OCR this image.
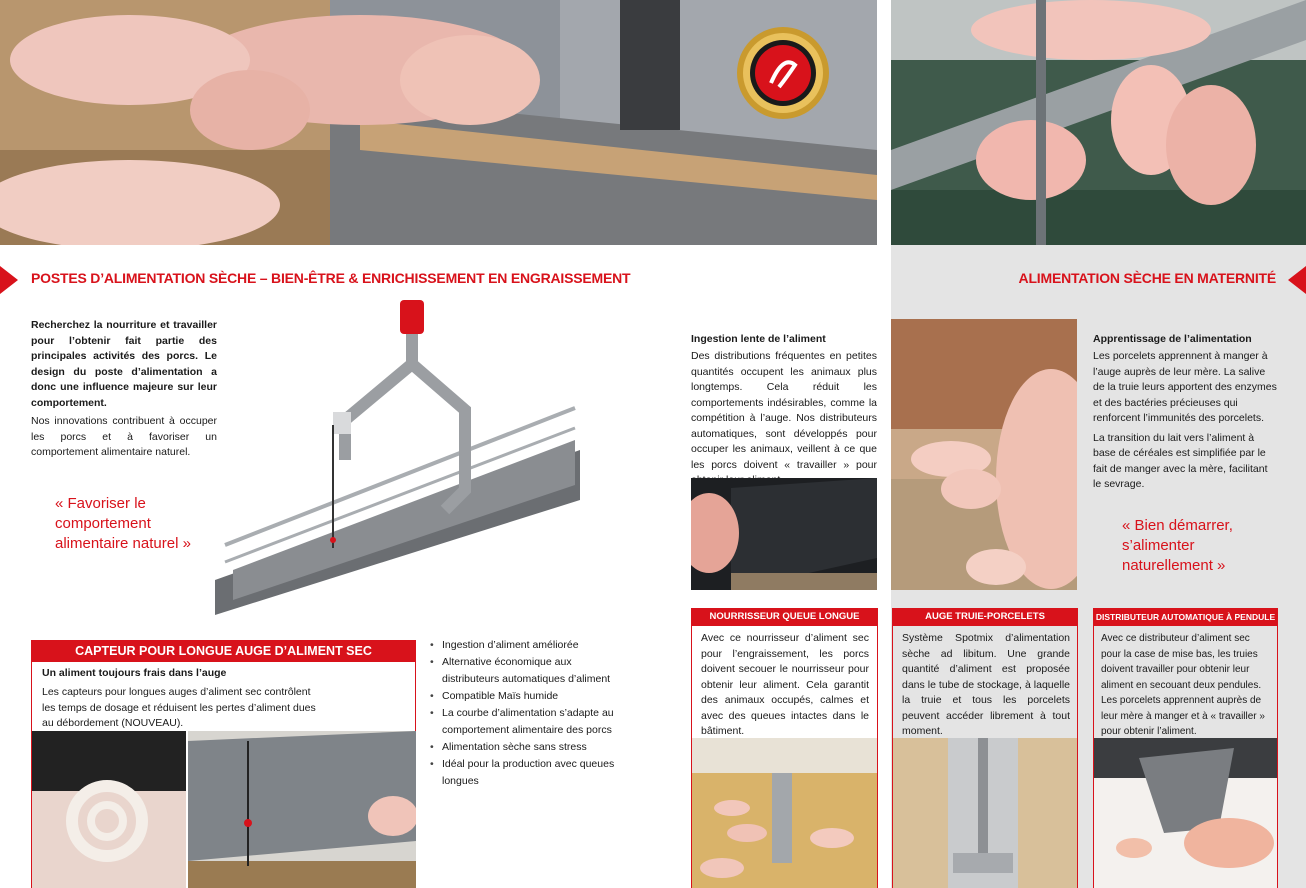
POSTES D’ALIMENTATION SÈCHE – BIEN-ÊTRE & ENRICHISSEMENT EN ENGRAISSEMENT	ALIMENTATION SÈCHE EN MATERNITÉ

Recherchez la nourriture et travailler pour l’obtenir fait partie des principales activités des porcs. Le design du poste d’alimentation a donc une influence majeure sur leur comportement.

Nos innovations contribuent à occuper les porcs et à favoriser un comportement alimentaire naturel.

« Favoriser le comportement alimentaire naturel »

Ingestion lente de l’aliment

Des distributions fréquentes en petites quantités occupent les animaux plus longtemps. Cela réduit les comportements indésirables, comme la compétition à l’auge. Nos distributeurs automatiques, sont développés pour occuper les animaux, veillent à ce que les porcs doivent « travailler » pour

Apprentissage de l’alimentation

Les porcelets apprennent à manger à l’auge auprès de leur mère. La salive de la truie leurs apportent des enzymes et des bactéries précieuses qui renforcent l’immunités des porcelets.

La transition du lait vers l’aliment à base de céréales est simplifiée par le fait de manger avec la mère, facilitant le sevrage.

« Bien démarrer, s’alimenter naturellement »

CAPTEUR POUR LONGUE AUGE D’ALIMENT SEC

Un aliment toujours frais dans l’auge

Les capteurs pour longues auges d’aliment sec contrôlent les temps de dosage et réduisent les pertes d’aliment dues au débordement (NOUVEAU).

• Ingestion d’aliment améliorée
• Alternative économique aux distributeurs automatiques d’aliment
• Compatible Maïs humide
• La courbe d’alimentation s’adapte au comportement alimentaire des porcs
• Alimentation sèche sans stress
• Idéal pour la production avec queues longues
NOURRISSEUR QUEUE LONGUE

Avec ce nourrisseur d’aliment sec pour l’engraissement, les porcs doivent secouer le nourrisseur pour obtenir leur aliment. Cela garantit des animaux occupés, calmes et avec des queues intactes dans le bâtiment.

AUGE TRUIE-PORCELETS

Système Spotmix d’alimentation sèche ad libitum. Une grande quantité d’aliment est proposée dans le tube de stockage, à laquelle la truie et tous les porcelets peuvent accéder librement à tout moment.

DISTRIBUTEUR AUTOMATIQUE À PENDULE

Avec ce distributeur d’aliment sec pour la case de mise bas, les truies doivent travailler pour obtenir leur aliment en secouant deux pendules. Les porcelets apprennent auprès de leur mère à manger et à « travailler » pour obtenir l’aliment.
